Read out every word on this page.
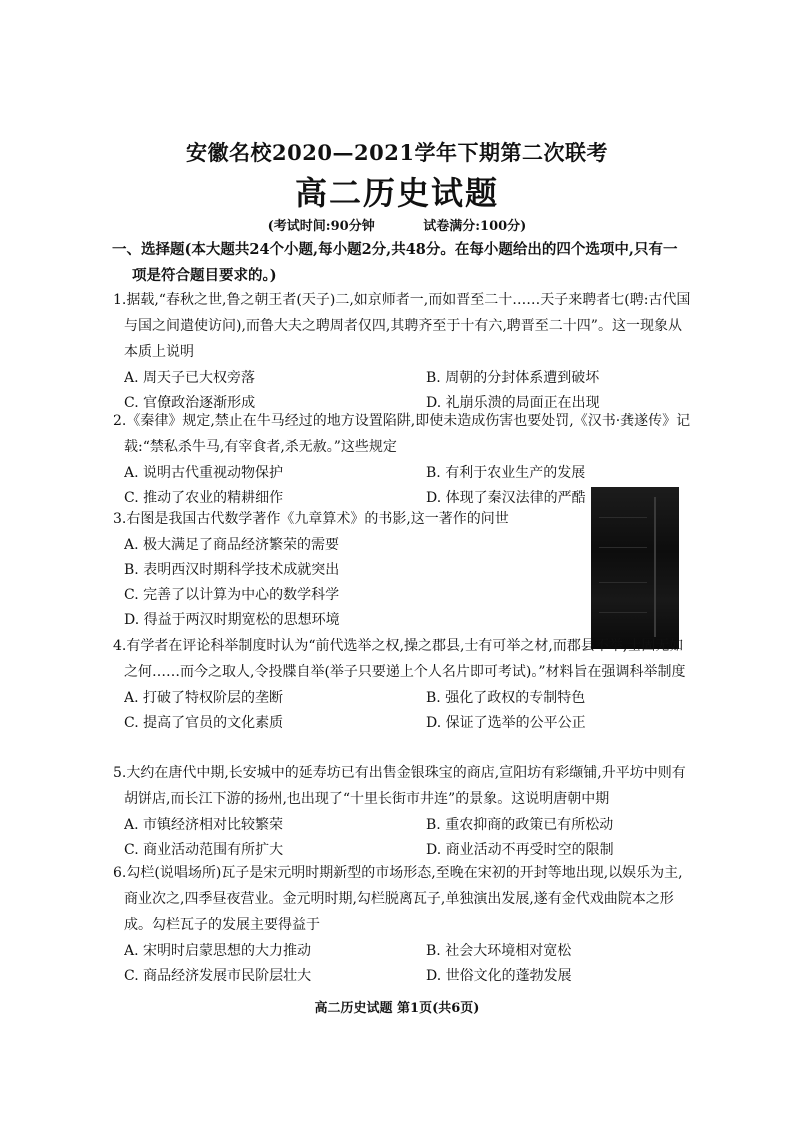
安徽名校2020—2021学年下期第二次联考
高二历史试题
(考试时间:90分钟	试卷满分:100分)
一、选择题(本大题共24个小题,每小题2分,共48分。在每小题给出的四个选项中,只有一
项是符合题目要求的。)
1.据载,“春秋之世,鲁之朝王者(天子)二,如京师者一,而如晋至二十……天子来聘者七(聘:古代国与国之间遣使访问),而鲁大夫之聘周者仅四,其聘齐至于十有六,聘晋至二十四”。这一现象从本质上说明
A. 周天子已大权旁落	B. 周朝的分封体系遭到破坏
C. 官僚政治逐渐形成	D. 礼崩乐溃的局面正在出现
2.《秦律》规定,禁止在牛马经过的地方设置陷阱,即使未造成伤害也要处罚,《汉书·龚遂传》记载:“禁私杀牛马,有宰食者,杀无赦。”这些规定
A. 说明古代重视动物保护	B. 有利于农业生产的发展
C. 推动了农业的精耕细作	D. 体现了秦汉法律的严酷
3.右图是我国古代数学著作《九章算术》的书影,这一著作的问世
A. 极大满足了商品经济繁荣的需要
B. 表明西汉时期科学技术成就突出
C. 完善了以计算为中心的数学科学
D. 得益于两汉时期宽松的思想环境
4.有学者在评论科举制度时认为“前代选举之权,操之郡县,士有可举之材,而郡县不举,士固无如之何……而今之取人,令投牒自举(举子只要递上个人名片即可考试)。”材料旨在强调科举制度
A. 打破了特权阶层的垄断	B. 强化了政权的专制特色
C. 提高了官员的文化素质	D. 保证了选举的公平公正
5.大约在唐代中期,长安城中的延寿坊已有出售金银珠宝的商店,宣阳坊有彩缬铺,升平坊中则有胡饼店,而长江下游的扬州,也出现了“十里长街市井连”的景象。这说明唐朝中期
A. 市镇经济相对比较繁荣	B. 重农抑商的政策已有所松动
C. 商业活动范围有所扩大	D. 商业活动不再受时空的限制
6.勾栏(说唱场所)瓦子是宋元明时期新型的市场形态,至晚在宋初的开封等地出现,以娱乐为主,商业次之,四季昼夜营业。金元明时期,勾栏脱离瓦子,单独演出发展,遂有金代戏曲院本之形成。勾栏瓦子的发展主要得益于
A. 宋明时启蒙思想的大力推动	B. 社会大环境相对宽松
C. 商品经济发展市民阶层壮大	D. 世俗文化的蓬勃发展
高二历史试题 第1页(共6页)
